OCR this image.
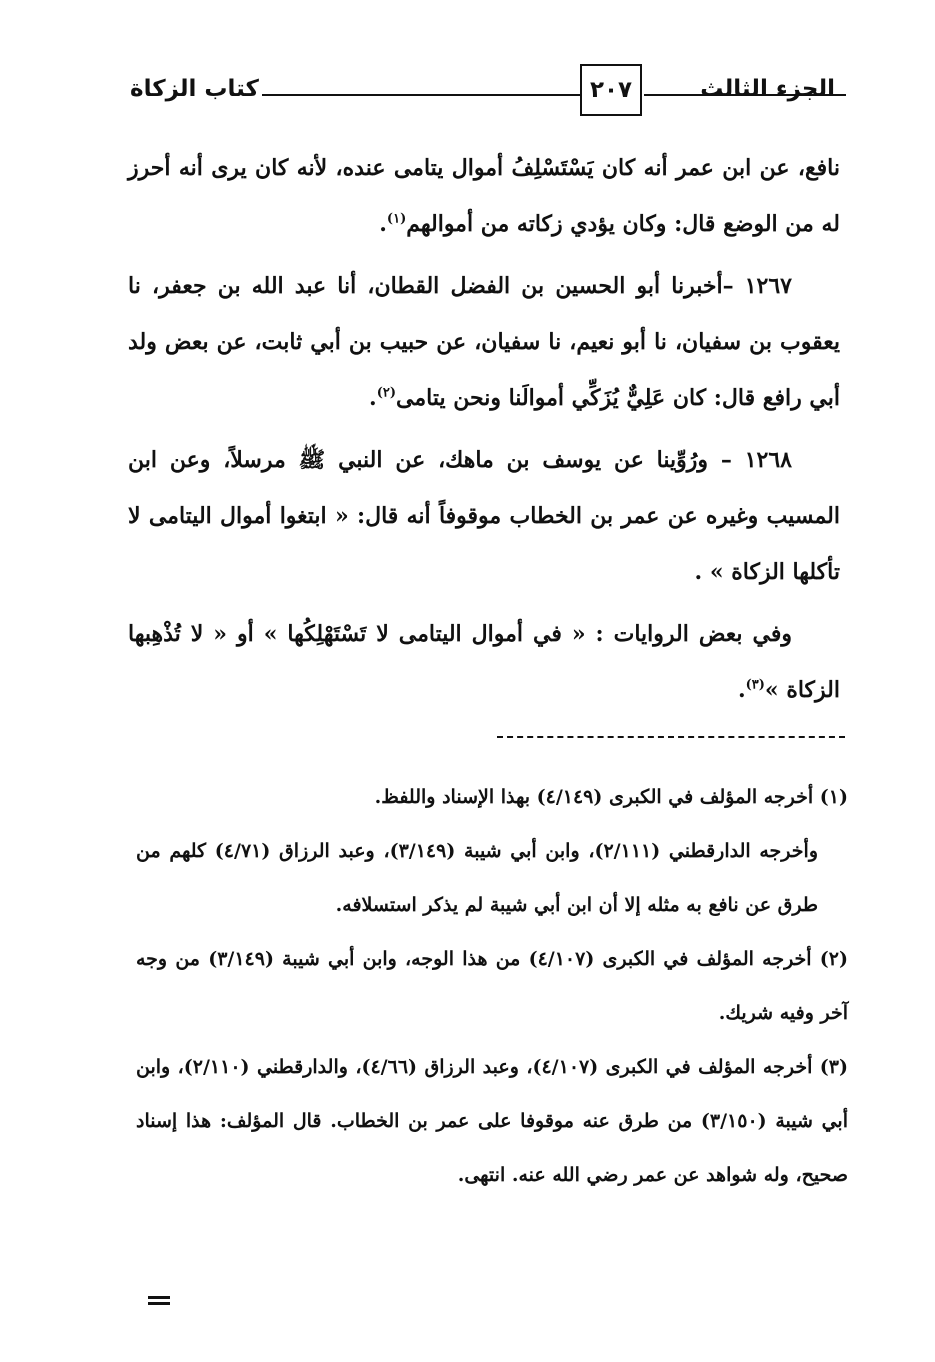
كتاب الزكاة	٢٠٧	الجزء الثالث

نافع، عن ابن عمر أنه كان يَسْتَسْلِفُ أموال يتامى عنده، لأنه كان يرى أنه أحرز له من الوضع قال: وكان يؤدي زكاته من أموالهم$^{(١)}$.

١٢٦٧ –أخبرنا أبو الحسين بن الفضل القطان، أنا عبد الله بن جعفر، نا يعقوب بن سفيان، نا أبو نعيم، نا سفيان، عن حبيب بن أبي ثابت، عن بعض ولد أبي رافع قال: كان عَلِيٌّ يُزَكِّي أموالَنا ونحن يتامى$^{(٢)}$.

١٢٦٨ – ورُوِّينا عن يوسف بن ماهك، عن النبي ﷺ مرسلاً، وعن ابن المسيب وغيره عن عمر بن الخطاب موقوفاً أنه قال: « ابتغوا أموال اليتامى لا تأكلها الزكاة » .

وفي بعض الروايات : « في أموال اليتامى لا تَسْتَهْلِكُها » أو « لا تُذْهِبها الزكاة »$^{(٣)}$.

(١) أخرجه المؤلف في الكبرى (٤/١٤٩) بهذا الإسناد واللفظ.

وأخرجه الدارقطني (٢/١١١)، وابن أبي شيبة (٣/١٤٩)، وعبد الرزاق (٤/٧١) كلهم من طرق عن نافع به مثله إلا أن ابن أبي شيبة لم يذكر استسلافه.

(٢) أخرجه المؤلف في الكبرى (٤/١٠٧) من هذا الوجه، وابن أبي شيبة (٣/١٤٩) من وجه آخر وفيه شريك.

(٣) أخرجه المؤلف في الكبرى (٤/١٠٧)، وعبد الرزاق (٤/٦٦)، والدارقطني (٢/١١٠)، وابن أبي شيبة (٣/١٥٠) من طرق عنه موقوفا على عمر بن الخطاب. قال المؤلف: هذا إسناد صحيح، وله شواهد عن عمر رضي الله عنه. انتهى.
